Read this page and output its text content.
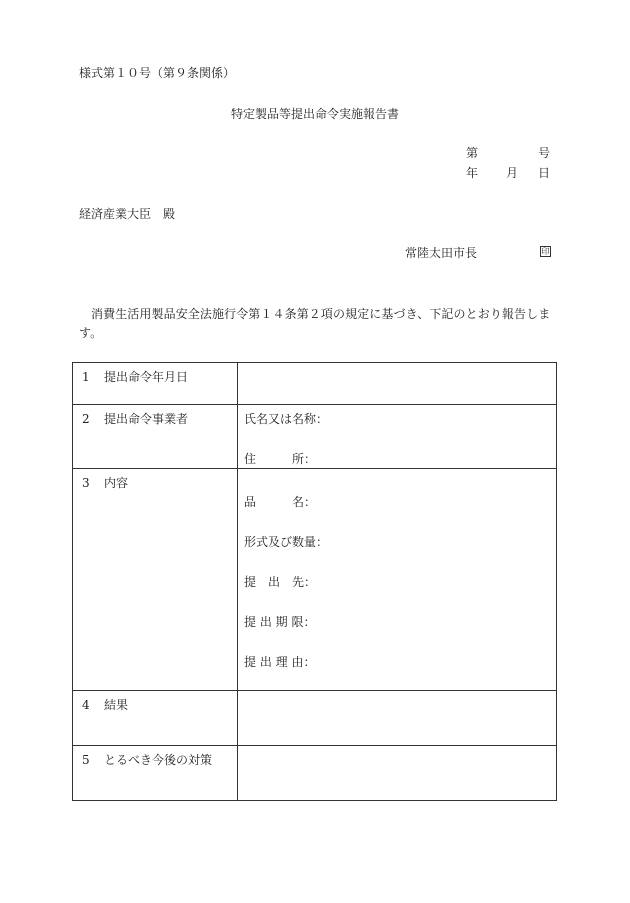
様式第１０号（第９条関係）
特定製品等提出命令実施報告書
第	号
年 月 日
経済産業大臣　殿
常陸太田市長	印
消費生活用製品安全法施行令第１４条第２項の規定に基づき、下記のとおり報告します。
1 提出命令年月日	

2 提出命令事業者	氏名又は名称：
住　　　所：

3 内容	品　　　名：
形式及び数量：
提　出　先：
提 出 期 限：
提 出 理 由：

4 結果	

5 とるべき今後の対策	
